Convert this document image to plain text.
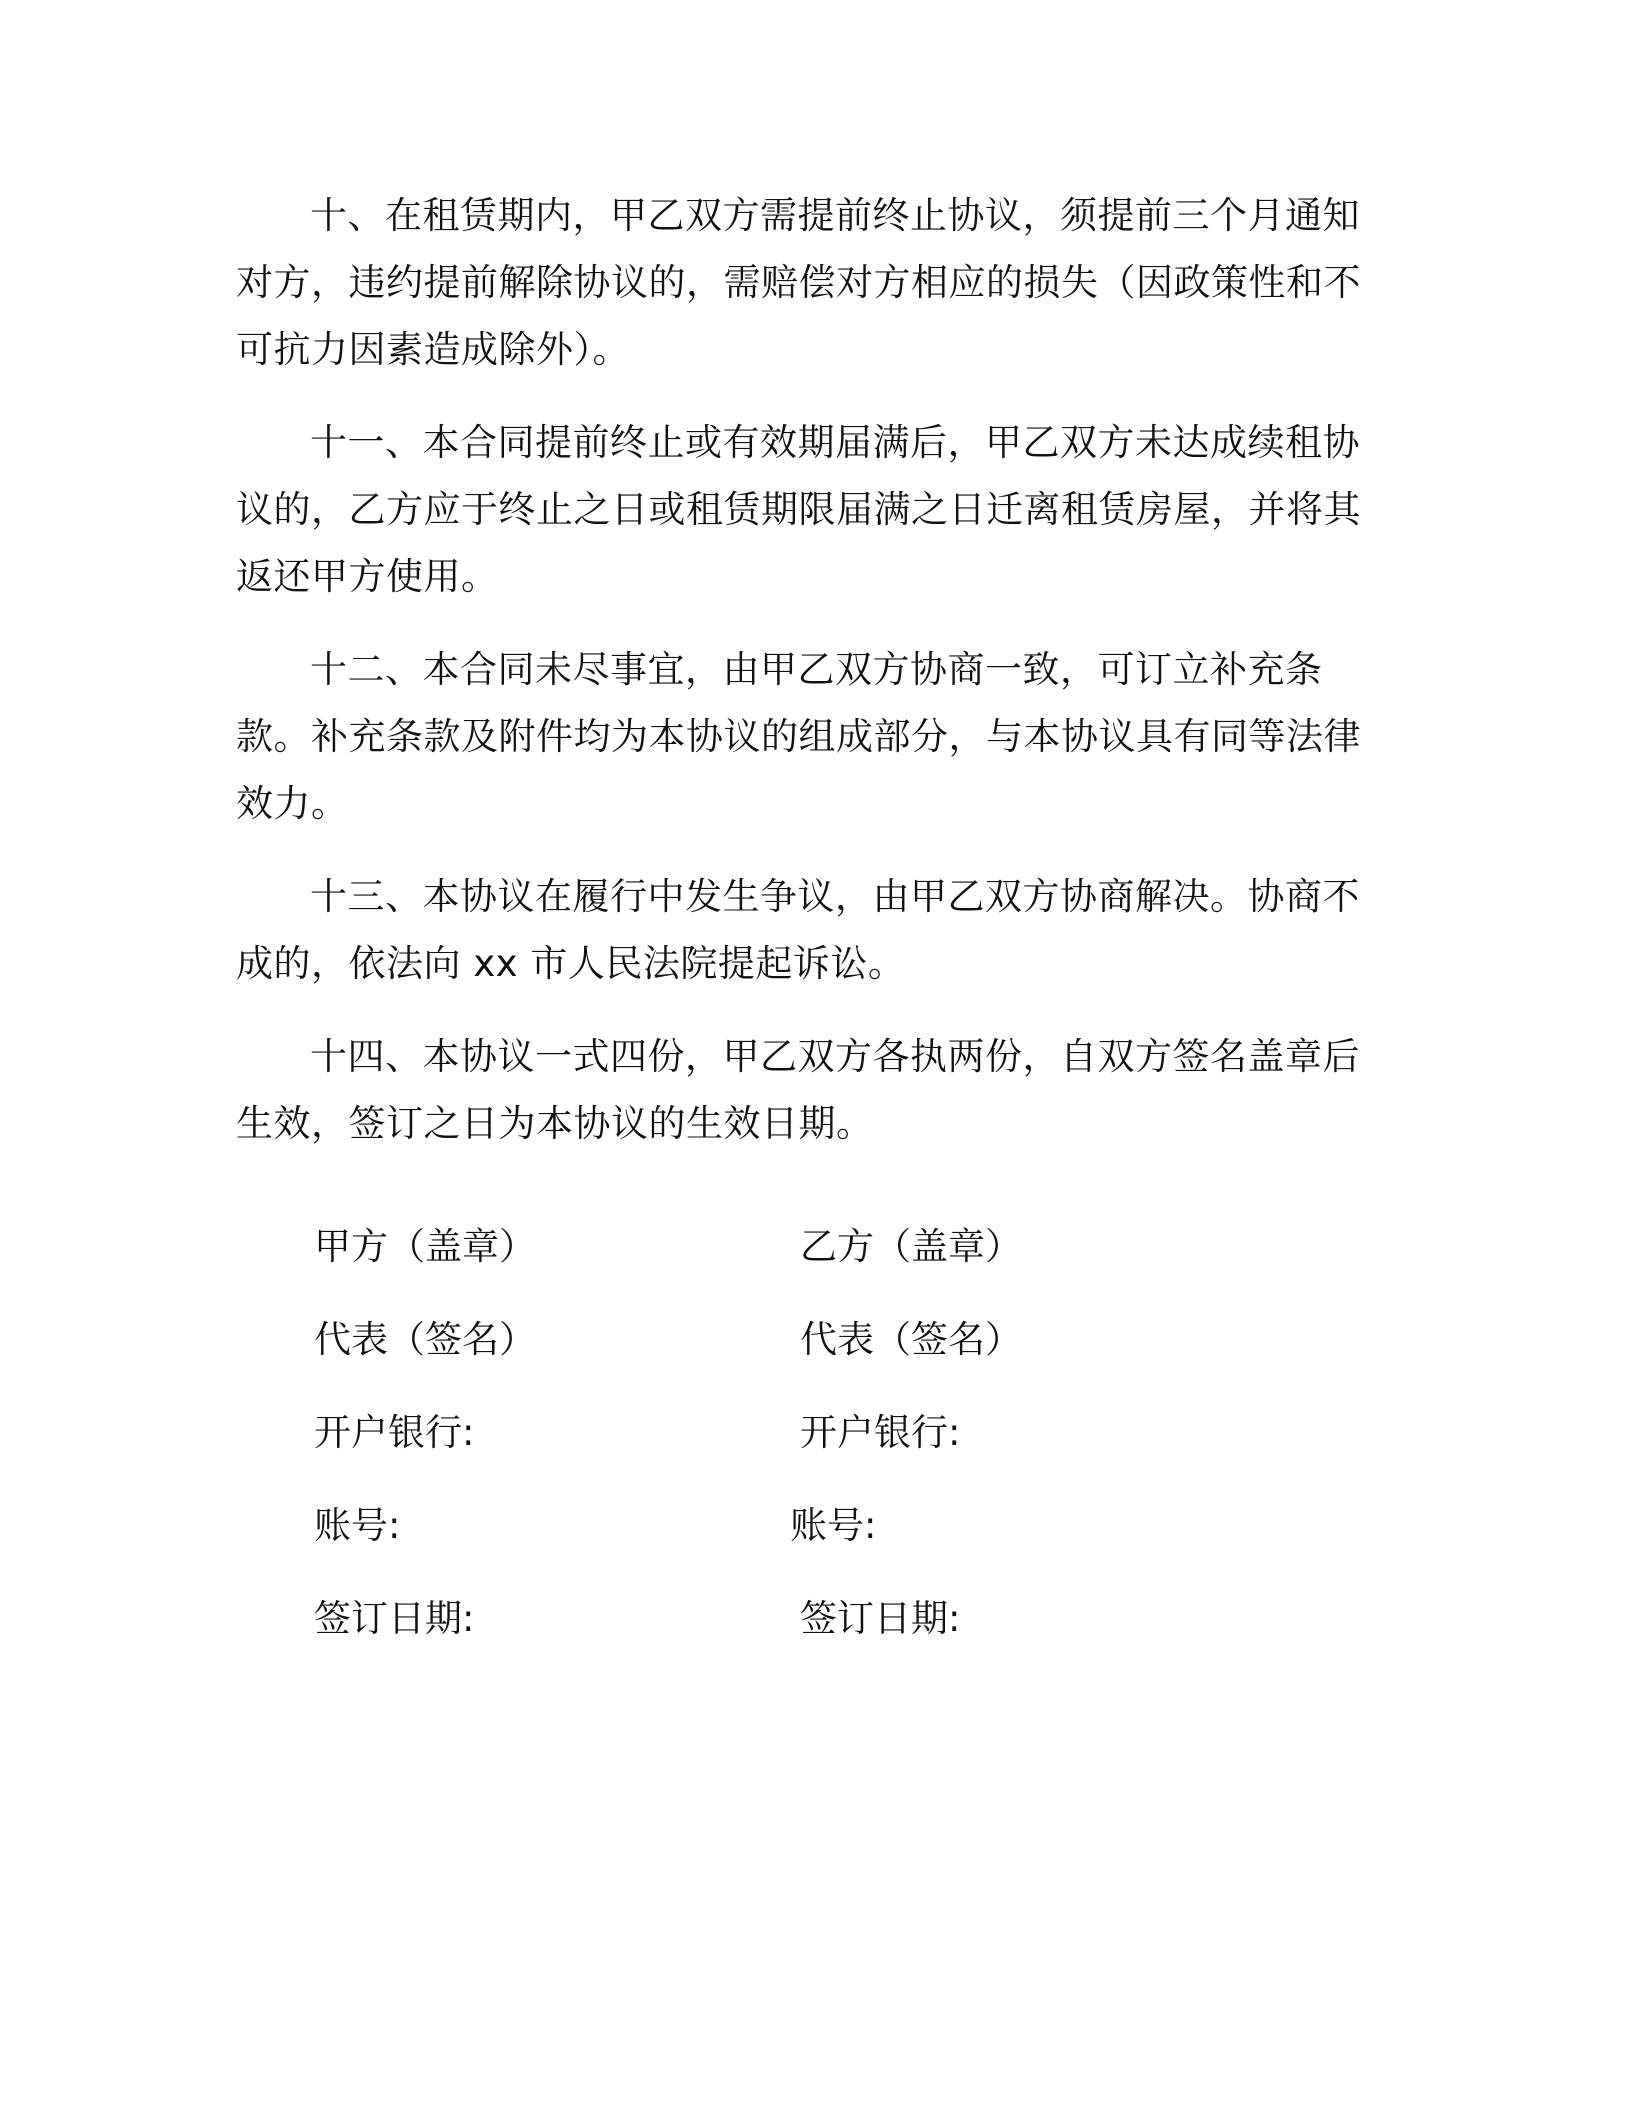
十、在租赁期内，甲乙双方需提前终止协议，须提前三个月通知对方，违约提前解除协议的，需赔偿对方相应的损失（因政策性和不可抗力因素造成除外）。

十一、本合同提前终止或有效期届满后，甲乙双方未达成续租协议的，乙方应于终止之日或租赁期限届满之日迁离租赁房屋，并将其返还甲方使用。

十二、本合同未尽事宜，由甲乙双方协商一致，可订立补充条款。补充条款及附件均为本协议的组成部分，与本协议具有同等法律效力。

十三、本协议在履行中发生争议，由甲乙双方协商解决。协商不成的，依法向 xx 市人民法院提起诉讼。

十四、本协议一式四份，甲乙双方各执两份，自双方签名盖章后生效，签订之日为本协议的生效日期。

甲方（盖章）	乙方（盖章）
代表（签名）	代表（签名）
开户银行:	开户银行:
账号:	账号:
签订日期:	签订日期:
